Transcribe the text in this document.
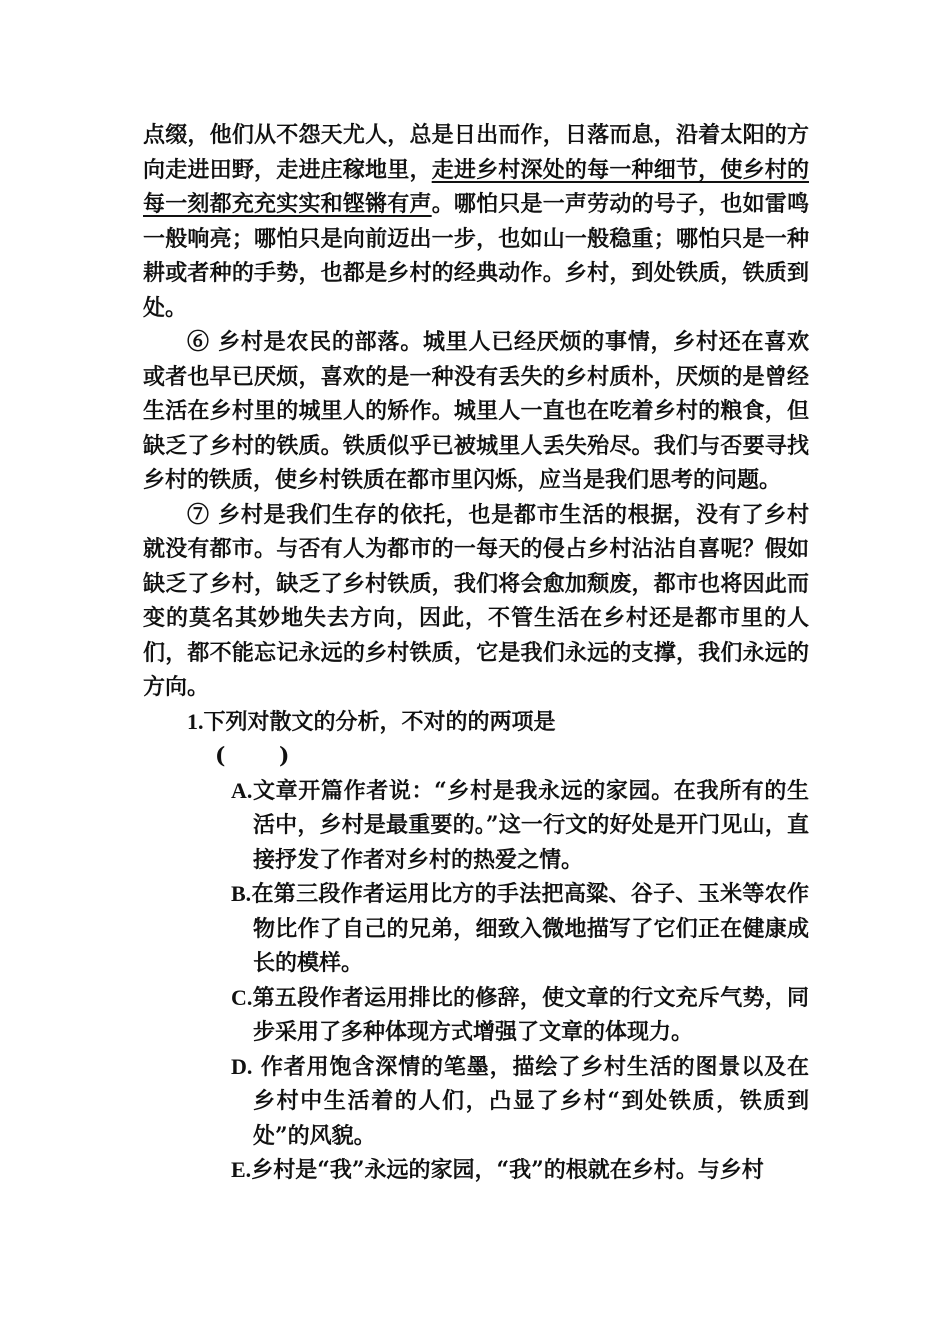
点缀，他们从不怨天尤人，总是日出而作，日落而息，沿着太阳的方向走进田野，走进庄稼地里，走进乡村深处的每一种细节，使乡村的每一刻都充充实实和铿锵有声。哪怕只是一声劳动的号子，也如雷鸣一般响亮；哪怕只是向前迈出一步，也如山一般稳重；哪怕只是一种耕或者种的手势，也都是乡村的经典动作。乡村，到处铁质，铁质到处。

⑥ 乡村是农民的部落。城里人已经厌烦的事情，乡村还在喜欢或者也早已厌烦，喜欢的是一种没有丢失的乡村质朴，厌烦的是曾经生活在乡村里的城里人的矫作。城里人一直也在吃着乡村的粮食，但缺乏了乡村的铁质。铁质似乎已被城里人丢失殆尽。我们与否要寻找乡村的铁质，使乡村铁质在都市里闪烁，应当是我们思考的问题。

⑦ 乡村是我们生存的依托，也是都市生活的根据，没有了乡村就没有都市。与否有人为都市的一每天的侵占乡村沾沾自喜呢？假如缺乏了乡村，缺乏了乡村铁质，我们将会愈加颓废，都市也将因此而变的莫名其妙地失去方向，因此，不管生活在乡村还是都市里的人们，都不能忘记永远的乡村铁质，它是我们永远的支撑，我们永远的方向。

1.下列对散文的分析，不对的的两项是

(       )

A.文章开篇作者说：“乡村是我永远的家园。在我所有的生活中，乡村是最重要的。”这一行文的好处是开门见山，直接抒发了作者对乡村的热爱之情。

B.在第三段作者运用比方的手法把高粱、谷子、玉米等农作物比作了自己的兄弟，细致入微地描写了它们正在健康成长的模样。

C.第五段作者运用排比的修辞，使文章的行文充斥气势，同步采用了多种体现方式增强了文章的体现力。

D. 作者用饱含深情的笔墨，描绘了乡村生活的图景以及在乡村中生活着的人们，凸显了乡村“到处铁质，铁质到处”的风貌。

E.乡村是“我”永远的家园，“我”的根就在乡村。与乡村
